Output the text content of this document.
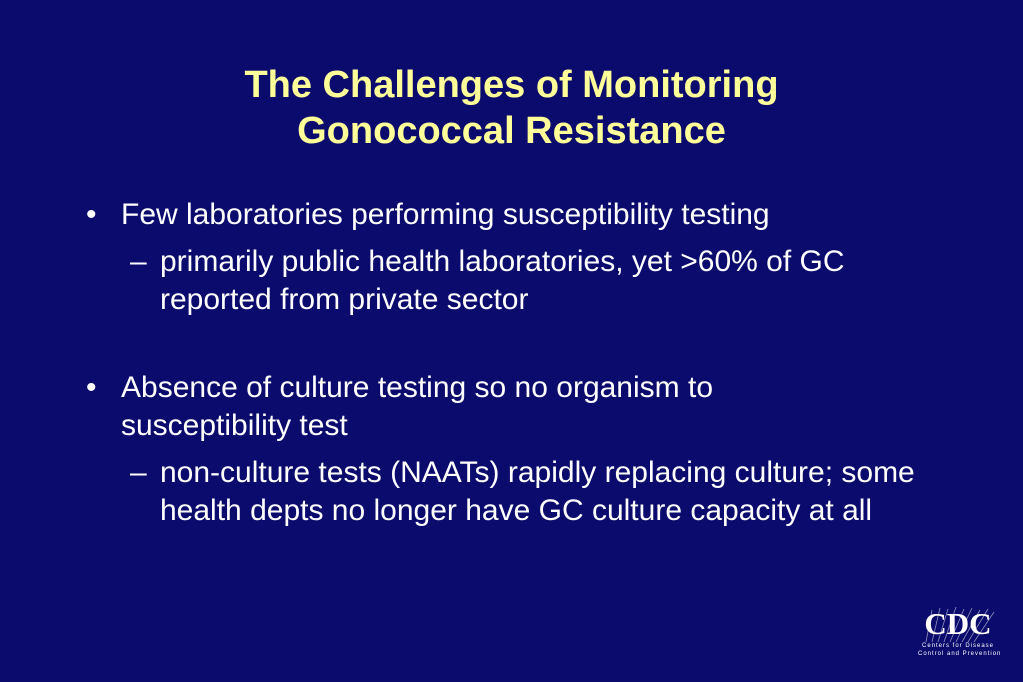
The Challenges of Monitoring
Gonococcal Resistance
• Few laboratories performing susceptibility testing
– primarily public health laboratories, yet >60% of GC reported from private sector
• Absence of culture testing so no organism to susceptibility test
– non-culture tests (NAATs) rapidly replacing culture; some health depts no longer have GC culture capacity at all
CDC
Centers for Disease
Control and Prevention
